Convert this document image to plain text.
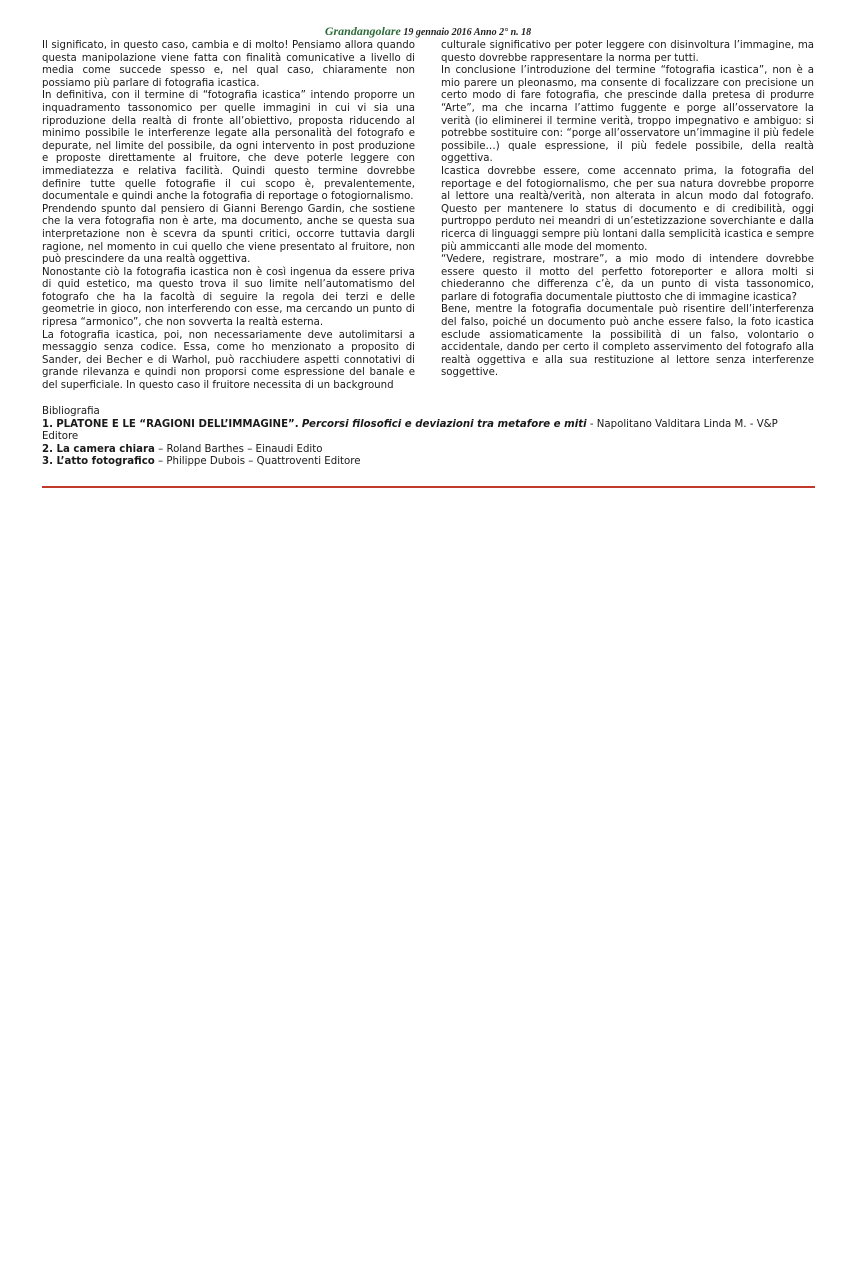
Grandangolare 19 gennaio 2016 Anno 2° n. 18

Il significato, in questo caso, cambia e di molto! Pensiamo allora quando questa manipolazione viene fatta con finalità comunicative a livello di media come succede spesso e, nel qual caso, chiaramente non possiamo più parlare di fotografia icastica.

In definitiva, con il termine di “fotografia icastica” intendo proporre un inquadramento tassonomico per quelle immagini in cui vi sia una riproduzione della realtà di fronte all’obiettivo, proposta riducendo al minimo possibile le interferenze legate alla personalità del fotografo e depurate, nel limite del possibile, da ogni intervento in post produzione e proposte direttamente al fruitore, che deve poterle leggere con immediatezza e relativa facilità. Quindi questo termine dovrebbe definire tutte quelle fotografie il cui scopo è, prevalentemente, documentale e quindi anche la fotografia di reportage o fotogiornalismo.

Prendendo spunto dal pensiero di Gianni Berengo Gardin, che sostiene che la vera fotografia non è arte, ma documento, anche se questa sua interpretazione non è scevra da spunti critici, occorre tuttavia dargli ragione, nel momento in cui quello che viene presentato al fruitore, non può prescindere da una realtà oggettiva.

Nonostante ciò la fotografia icastica non è così ingenua da essere priva di quid estetico, ma questo trova il suo limite nell’automatismo del fotografo che ha la facoltà di seguire la regola dei terzi e delle geometrie in gioco, non interferendo con esse, ma cercando un punto di ripresa “armonico”, che non sovverta la realtà esterna.

La fotografia icastica, poi, non necessariamente deve autolimitarsi a messaggio senza codice. Essa, come ho menzionato a proposito di Sander, dei Becher e di Warhol, può racchiudere aspetti connotativi di grande rilevanza e quindi non proporsi come espressione del banale e del superficiale. In questo caso il fruitore necessita di un background

culturale significativo per poter leggere con disinvoltura l’immagine, ma questo dovrebbe rappresentare la norma per tutti.

In conclusione l’introduzione del termine “fotografia icastica”, non è a mio parere un pleonasmo, ma consente di focalizzare con precisione un certo modo di fare fotografia, che prescinde dalla pretesa di produrre “Arte”, ma che incarna l’attimo fuggente e porge all’osservatore la verità (io eliminerei il termine verità, troppo impegnativo e ambiguo: si potrebbe sostituire con: “porge all’osservatore un’immagine il più fedele possibile…) quale espressione, il più fedele possibile, della realtà oggettiva.

Icastica dovrebbe essere, come accennato prima, la fotografia del reportage e del fotogiornalismo, che per sua natura dovrebbe proporre al lettore una realtà/verità, non alterata in alcun modo dal fotografo. Questo per mantenere lo status di documento e di credibilità, oggi purtroppo perduto nei meandri di un’estetizzazione soverchiante e dalla ricerca di linguaggi sempre più lontani dalla semplicità icastica e sempre più ammiccanti alle mode del momento.

“Vedere, registrare, mostrare”, a mio modo di intendere dovrebbe essere questo il motto del perfetto fotoreporter e allora molti si chiederanno che differenza c’è, da un punto di vista tassonomico, parlare di fotografia documentale piuttosto che di immagine icastica?

Bene, mentre la fotografia documentale può risentire dell’interferenza del falso, poiché un documento può anche essere falso, la foto icastica esclude assiomaticamente la possibilità di un falso, volontario o accidentale, dando per certo il completo asservimento del fotografo alla realtà oggettiva e alla sua restituzione al lettore senza interferenze soggettive.

Bibliografia

1. PLATONE E LE “RAGIONI DELL’IMMAGINE”. Percorsi filosofici e deviazioni tra metafore e miti - Napolitano Valditara Linda M. - V&P Editore

2. La camera chiara – Roland Barthes – Einaudi Edito

3. L’atto fotografico – Philippe Dubois – Quattroventi Editore
